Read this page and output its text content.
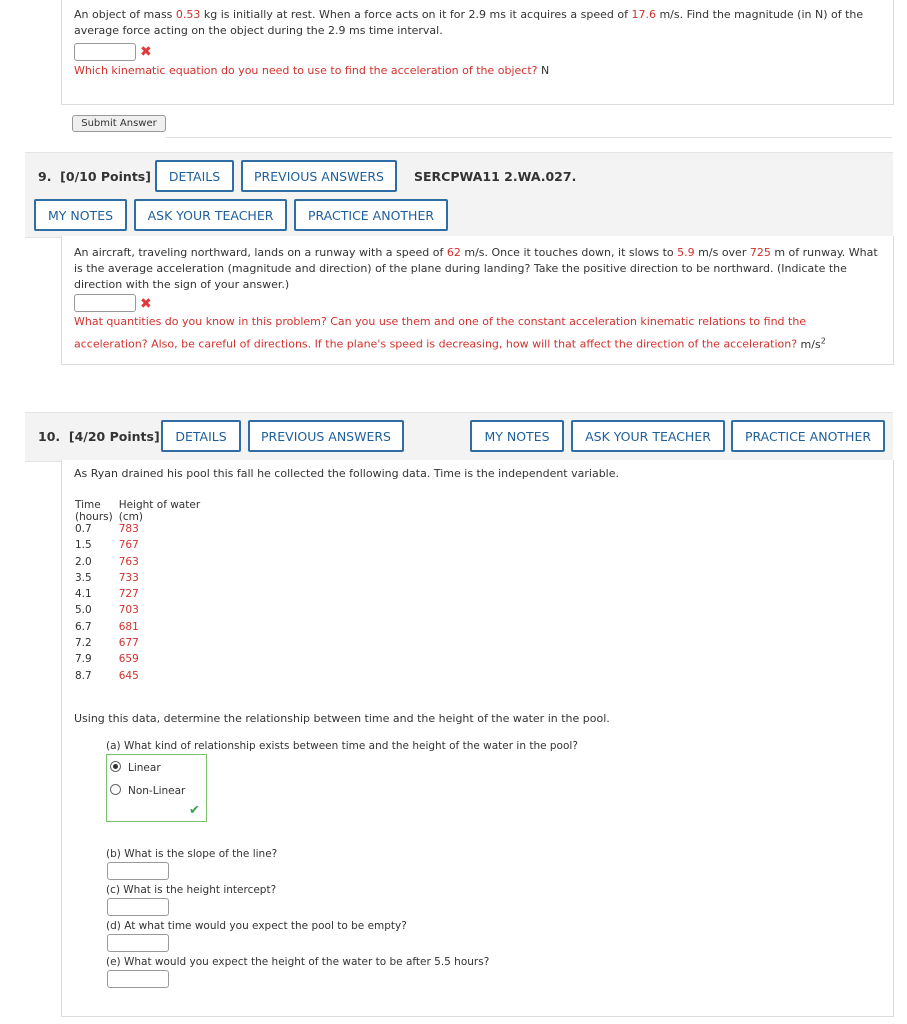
An object of mass 0.53 kg is initially at rest. When a force acts on it for 2.9 ms it acquires a speed of 17.6 m/s. Find the magnitude (in N) of the average force acting on the object during the 2.9 ms time interval.
✖
Which kinematic equation do you need to use to find the acceleration of the object? N
Submit Answer
9. [0/10 Points]	DETAILS	PREVIOUS ANSWERS	SERCPWA11 2.WA.027.
MY NOTES	ASK YOUR TEACHER	PRACTICE ANOTHER
An aircraft, traveling northward, lands on a runway with a speed of 62 m/s. Once it touches down, it slows to 5.9 m/s over 725 m of runway. What is the average acceleration (magnitude and direction) of the plane during landing? Take the positive direction to be northward. (Indicate the direction with the sign of your answer.)
✖
What quantities do you know in this problem? Can you use them and one of the constant acceleration kinematic relations to find the acceleration? Also, be careful of directions. If the plane's speed is decreasing, how will that affect the direction of the acceleration? $m/s^2$
10. [4/20 Points]	DETAILS	PREVIOUS ANSWERS	MY NOTES	ASK YOUR TEACHER	PRACTICE ANOTHER
As Ryan drained his pool this fall he collected the following data. Time is the independent variable.
Time
(hours)	Height of water
(cm)
0.7	783
1.5	767
2.0	763
3.5	733
4.1	727
5.0	703
6.7	681
7.2	677
7.9	659
8.7	645
Using this data, determine the relationship between time and the height of the water in the pool.
(a) What kind of relationship exists between time and the height of the water in the pool?
Linear
Non-Linear
✔
(b) What is the slope of the line?
(c) What is the height intercept?
(d) At what time would you expect the pool to be empty?
(e) What would you expect the height of the water to be after 5.5 hours?
